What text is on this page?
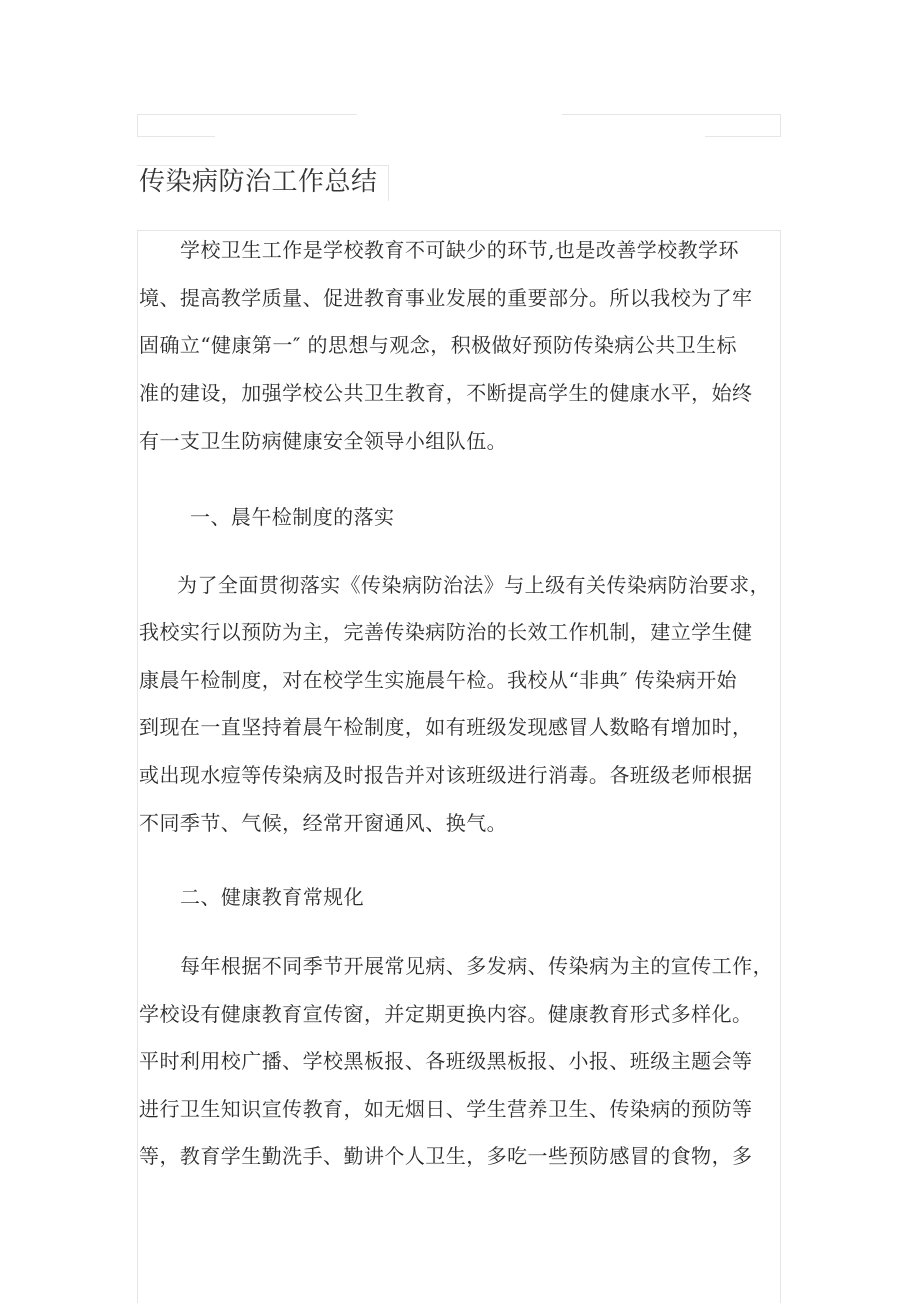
传染病防治工作总结
学校卫生工作是学校教育不可缺少的环节,也是改善学校教学环
境、提高教学质量、促进教育事业发展的重要部分。所以我校为了牢
固确立“健康第一″ 的思想与观念，积极做好预防传染病公共卫生标
准的建设，加强学校公共卫生教育，不断提高学生的健康水平，始终
有一支卫生防病健康安全领导小组队伍。
一、晨午检制度的落实
为了全面贯彻落实《传染病防治法》与上级有关传染病防治要求，
我校实行以预防为主，完善传染病防治的长效工作机制，建立学生健
康晨午检制度，对在校学生实施晨午检。我校从“非典″ 传染病开始
到现在一直坚持着晨午检制度，如有班级发现感冒人数略有增加时，
或出现水痘等传染病及时报告并对该班级进行消毒。各班级老师根据
不同季节、气候，经常开窗通风、换气。
二、健康教育常规化
每年根据不同季节开展常见病、多发病、传染病为主的宣传工作，
学校设有健康教育宣传窗，并定期更换内容。健康教育形式多样化。
平时利用校广播、学校黑板报、各班级黑板报、小报、班级主题会等
进行卫生知识宣传教育，如无烟日、学生营养卫生、传染病的预防等
等，教育学生勤洗手、勤讲个人卫生，多吃一些预防感冒的食物，多
